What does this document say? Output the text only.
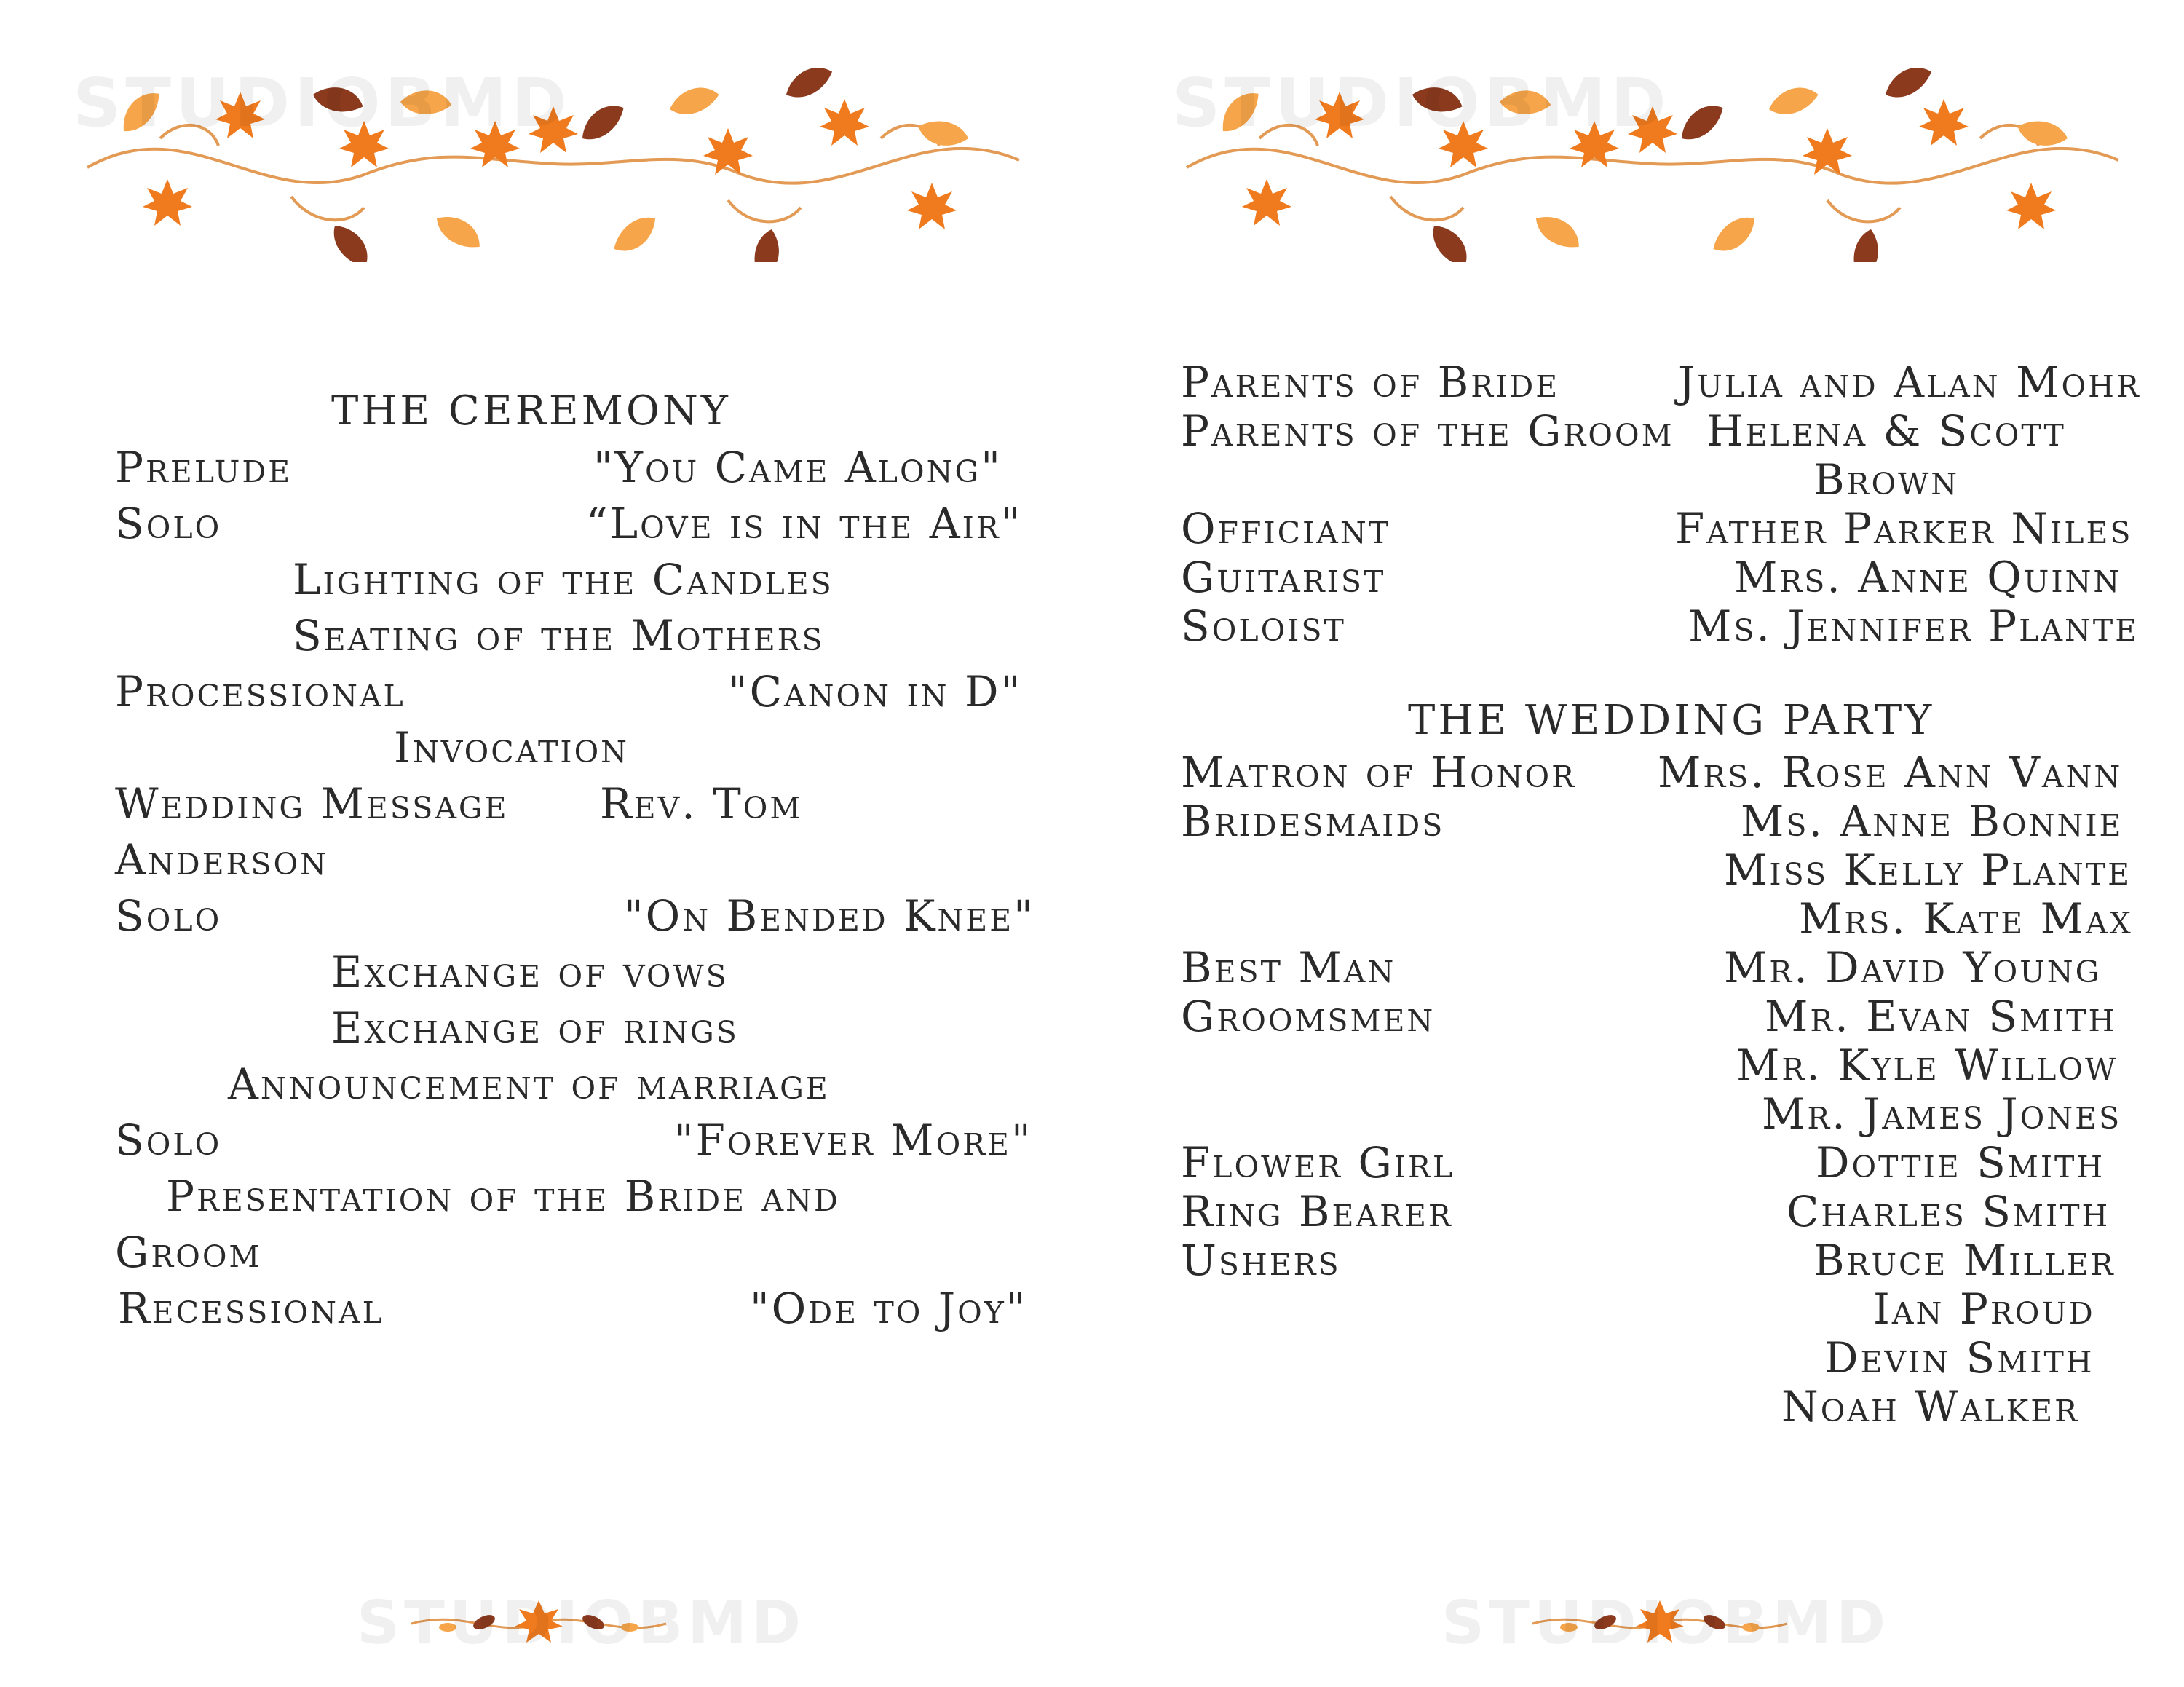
STUDIOBMD
THE CEREMONY
Prelude	"You Came Along"
Solo	“Love is in the Air"
Lighting of the Candles
Seating of the Mothers
Processional	"Canon in D"
Invocation
Wedding Message Rev. Tom
Anderson
Solo	"On Bended Knee"
Exchange of vows
Exchange of rings
Announcement of marriage
Solo	"Forever More"
Presentation of the Bride and
Groom
Recessional	"Ode to Joy"
STUDIOBMD
STUDIOBMD
Parents of Bride	Julia and Alan Mohr
Parents of the Groom Helena & Scott
Brown
Officiant	Father Parker Niles
Guitarist	Mrs. Anne Quinn
Soloist	Ms. Jennifer Plante
THE WEDDING PARTY
Matron of Honor Mrs. Rose Ann Vann
Bridesmaids	Ms. Anne Bonnie
Miss Kelly Plante
Mrs. Kate Max
Best Man	Mr. David Young
Groomsmen	Mr. Evan Smith
Mr. Kyle Willow
Mr. James Jones
Flower Girl	Dottie Smith
Ring Bearer	Charles Smith
Ushers	Bruce Miller
Ian Proud
Devin Smith
Noah Walker
STUDIOBMD
